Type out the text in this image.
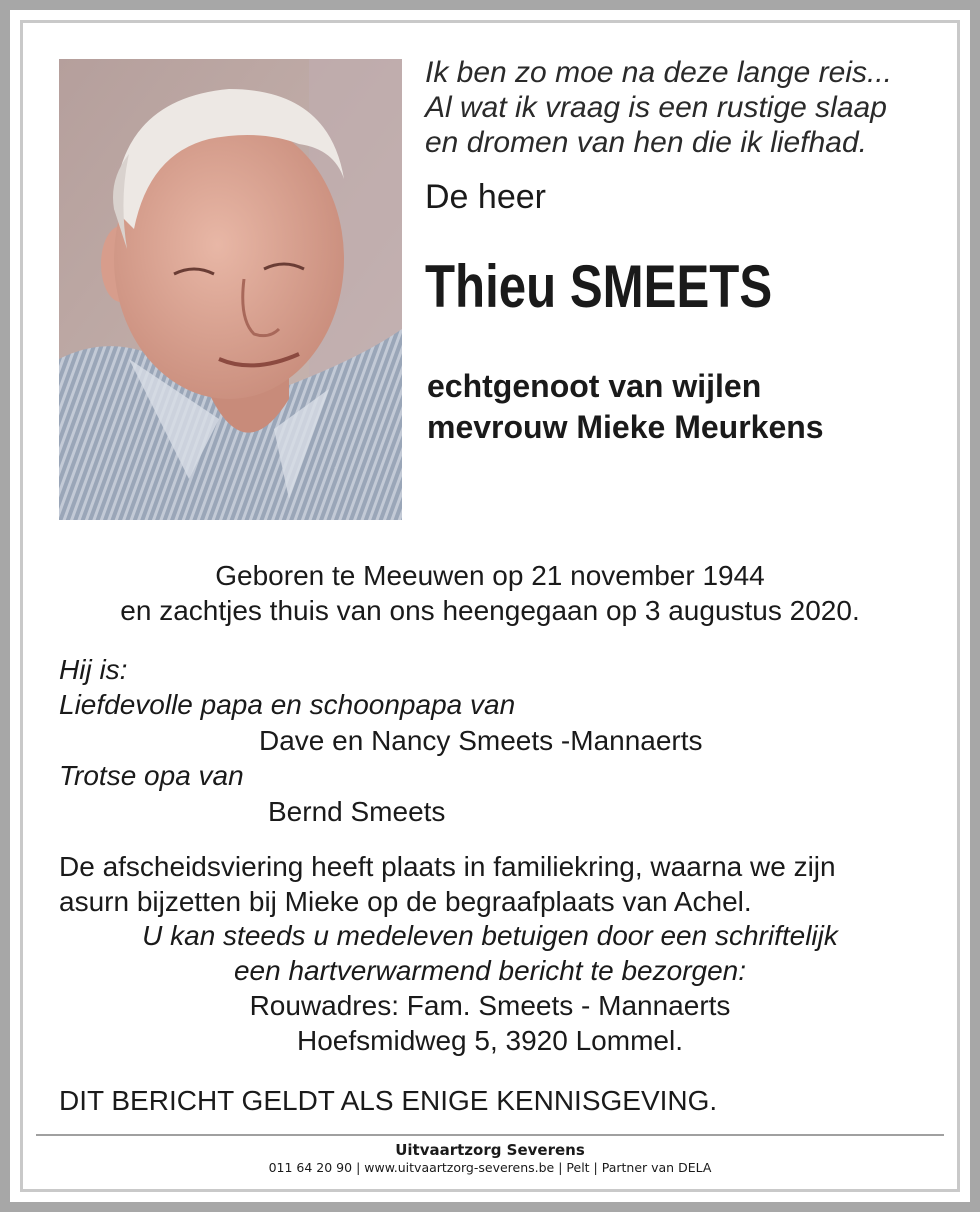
Ik ben zo moe na deze lange reis...
Al wat ik vraag is een rustige slaap
en dromen van hen die ik liefhad.
De heer
Thieu SMEETS
echtgenoot van wijlen
mevrouw Mieke Meurkens
Geboren te Meeuwen op 21 november 1944
en zachtjes thuis van ons heengegaan op 3 augustus 2020.
Hij is:
Liefdevolle papa en schoonpapa van
Dave en Nancy Smeets -Mannaerts
Trotse opa van
Bernd Smeets
De afscheidsviering heeft plaats in familiekring, waarna we zijn
asurn bijzetten bij Mieke op de begraafplaats van Achel.
U kan steeds u medeleven betuigen door een schriftelijk
een hartverwarmend bericht te bezorgen:
Rouwadres: Fam. Smeets - Mannaerts
Hoefsmidweg 5, 3920 Lommel.
DIT BERICHT GELDT ALS ENIGE KENNISGEVING.
Uitvaartzorg Severens
011 64 20 90 | www.uitvaartzorg-severens.be | Pelt | Partner van DELA
